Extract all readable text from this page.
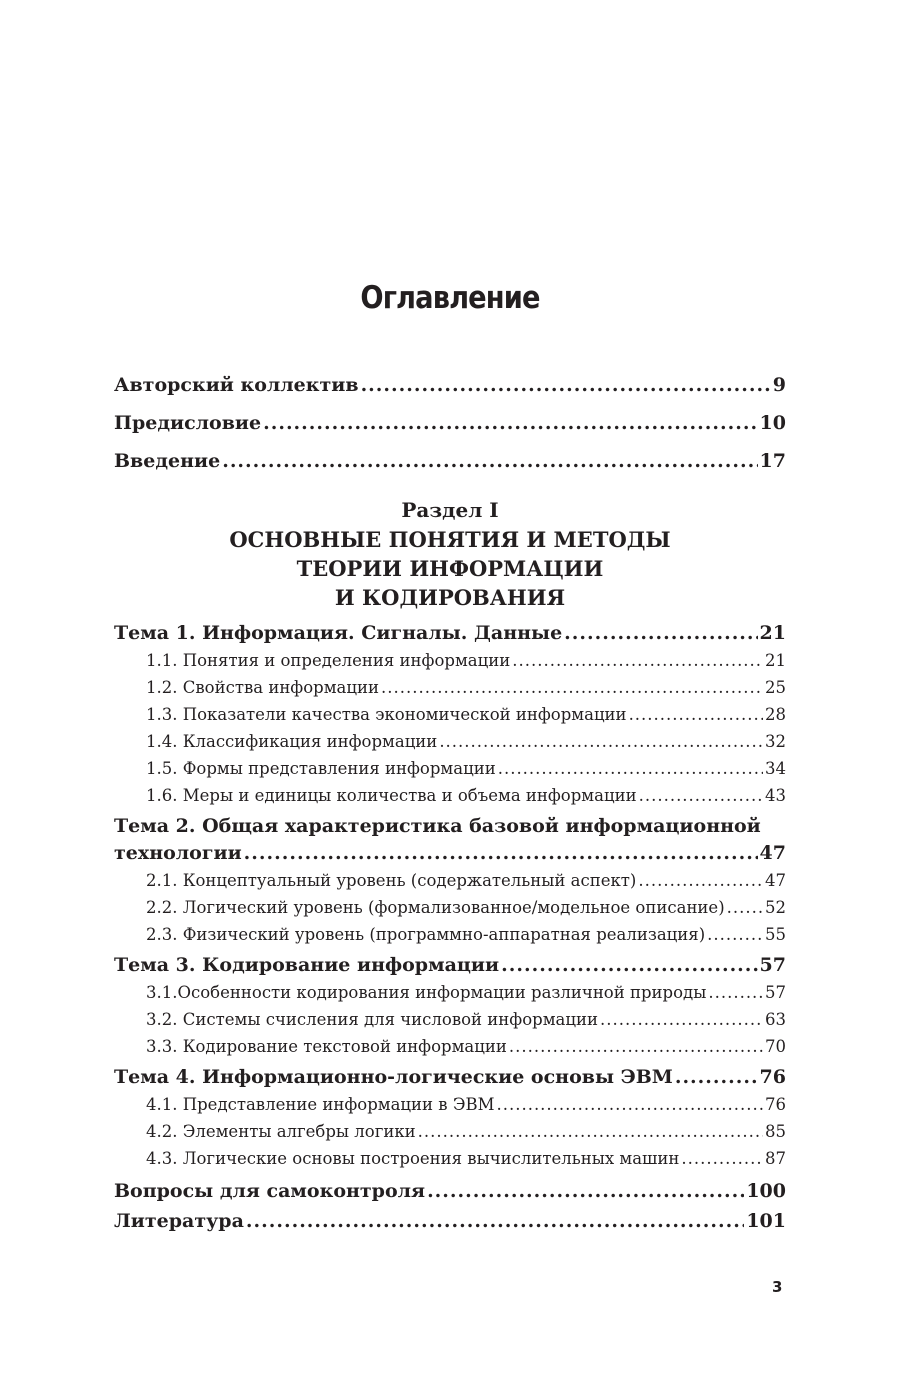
Оглавление
Авторский коллектив .....	9
Предисловие .....	10
Введение .....	17
Раздел I
ОСНОВНЫЕ ПОНЯТИЯ И МЕТОДЫ
ТЕОРИИ ИНФОРМАЦИИ
И КОДИРОВАНИЯ
Тема 1. Информация. Сигналы. Данные .....	21
1.1. Понятия и определения информации .....	21
1.2. Свойства информации .....	25
1.3. Показатели качества экономической информации .....	28
1.4. Классификация информации .....	32
1.5. Формы представления информации .....	34
1.6. Меры и единицы количества и объема информации .....	43
Тема 2. Общая характеристика базовой информационной
технологии .....	47
2.1. Концептуальный уровень (содержательный аспект) .....	47
2.2. Логический уровень (формализованное/модельное описание) ..... 52
2.3. Физический уровень (программно-аппаратная реализация) .....	55
Тема 3. Кодирование информации .....	57
3.1.Особенности кодирования информации различной природы .....	57
3.2. Системы счисления для числовой информации .....	63
3.3. Кодирование текстовой информации .....	70
Тема 4. Информационно-логические основы ЭВМ .....	76
4.1. Представление информации в ЭВМ .....	76
4.2. Элементы алгебры логики .....	85
4.3. Логические основы построения вычислительных машин .....	87
Вопросы для самоконтроля .....	100
Литература .....	101
3
